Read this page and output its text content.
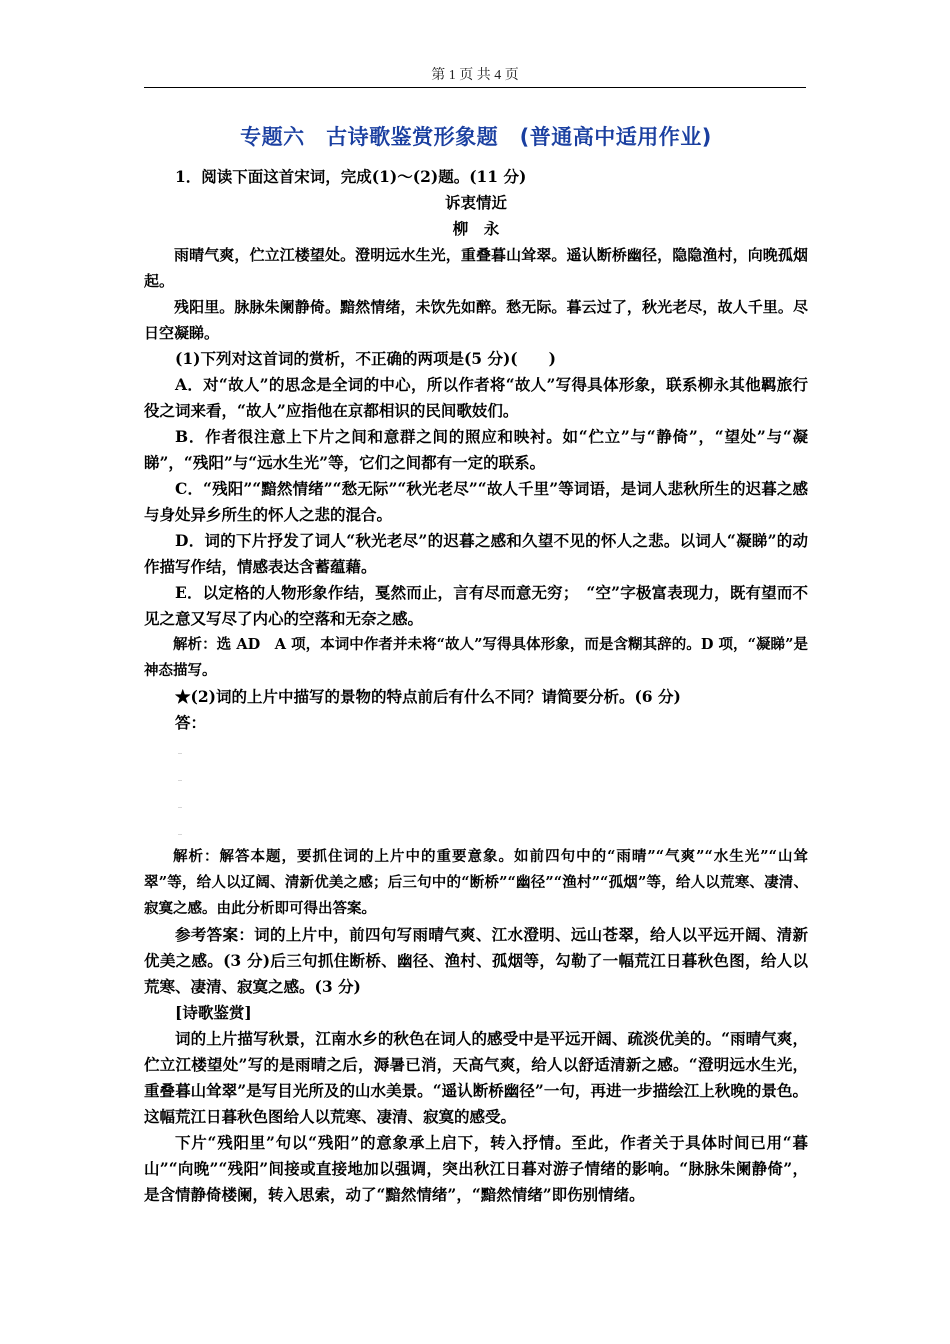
第 1 页 共 4 页
专题六　古诗歌鉴赏形象题　(普通高中适用作业)

1．阅读下面这首宋词，完成(1)～(2)题。(11 分)

诉衷情近

柳　永

雨晴气爽，伫立江楼望处。澄明远水生光，重叠暮山耸翠。遥认断桥幽径，隐隐渔村，向晚孤烟起。

残阳里。脉脉朱阑静倚。黯然情绪，未饮先如醉。愁无际。暮云过了，秋光老尽，故人千里。尽日空凝睇。

(1)下列对这首词的赏析，不正确的两项是(5 分)(　　)

A．对“故人”的思念是全词的中心，所以作者将“故人”写得具体形象，联系柳永其他羁旅行役之词来看，“故人”应指他在京都相识的民间歌妓们。

B．作者很注意上下片之间和意群之间的照应和映衬。如“伫立”与“静倚”，“望处”与“凝睇”，“残阳”与“远水生光”等，它们之间都有一定的联系。

C．“残阳”“黯然情绪”“愁无际”“秋光老尽”“故人千里”等词语，是词人悲秋所生的迟暮之感与身处异乡所生的怀人之悲的混合。

D．词的下片抒发了词人“秋光老尽”的迟暮之感和久望不见的怀人之悲。以词人“凝睇”的动作描写作结，情感表达含蓄蕴藉。

E．以定格的人物形象作结，戛然而止，言有尽而意无穷；　“空”字极富表现力，既有望而不见之意又写尽了内心的空落和无奈之感。

解析：选 AD　A 项，本词中作者并未将“故人”写得具体形象，而是含糊其辞的。D 项，“凝睇”是神态描写。

★(2)词的上片中描写的景物的特点前后有什么不同？请简要分析。(6 分)

答：

_
_
_
_

解析：解答本题，要抓住词的上片中的重要意象。如前四句中的“雨晴”“气爽”“水生光”“山耸翠”等，给人以辽阔、清新优美之感；后三句中的“断桥”“幽径”“渔村”“孤烟”等，给人以荒寒、凄清、寂寞之感。由此分析即可得出答案。

参考答案：词的上片中，前四句写雨晴气爽、江水澄明、远山苍翠，给人以平远开阔、清新优美之感。(3 分)后三句抓住断桥、幽径、渔村、孤烟等，勾勒了一幅荒江日暮秋色图，给人以荒寒、凄清、寂寞之感。(3 分)

[诗歌鉴赏]

词的上片描写秋景，江南水乡的秋色在词人的感受中是平远开阔、疏淡优美的。“雨晴气爽，伫立江楼望处”写的是雨晴之后，溽暑已消，天高气爽，给人以舒适清新之感。“澄明远水生光，重叠暮山耸翠”是写目光所及的山水美景。“遥认断桥幽径”一句，再进一步描绘江上秋晚的景色。这幅荒江日暮秋色图给人以荒寒、凄清、寂寞的感受。

下片“残阳里”句以“残阳”的意象承上启下，转入抒情。至此，作者关于具体时间已用“暮山”“向晚”“残阳”间接或直接地加以强调，突出秋江日暮对游子情绪的影响。“脉脉朱阑静倚”，是含情静倚楼阑，转入思索，动了“黯然情绪”，“黯然情绪”即伤别情绪。
